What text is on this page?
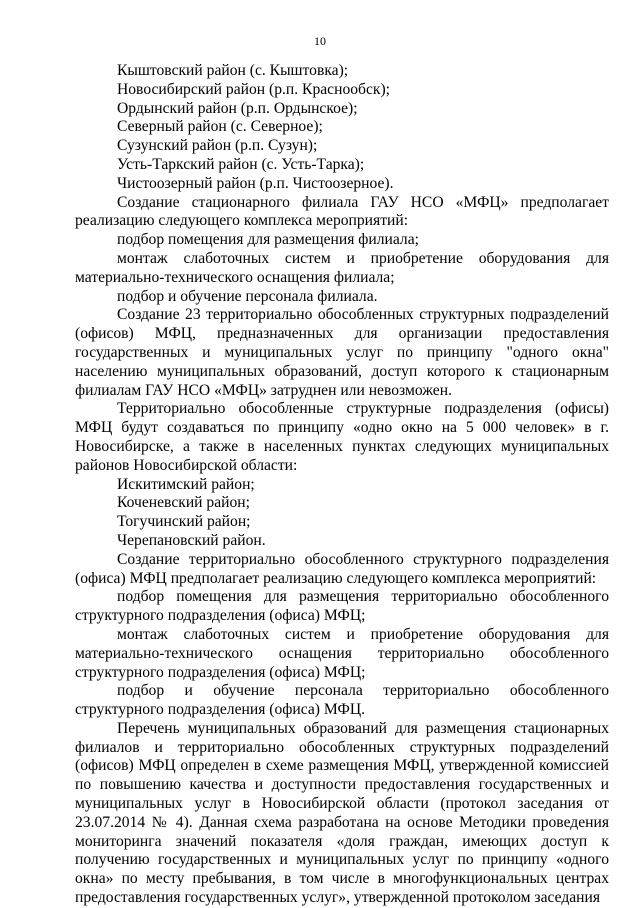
10

Кыштовский район (с. Кыштовка);

Новосибирский район (р.п. Краснообск);

Ордынский район (р.п. Ордынское);

Северный район (с. Северное);

Сузунский район (р.п. Сузун);

Усть-Таркский район (с. Усть-Тарка);

Чистоозерный район (р.п. Чистоозерное).

Создание стационарного филиала ГАУ НСО «МФЦ» предполагает реализацию следующего комплекса мероприятий:

подбор помещения для размещения филиала;

монтаж слаботочных систем и приобретение оборудования для материально-технического оснащения филиала;

подбор и обучение персонала филиала.

Создание 23 территориально обособленных структурных подразделений (офисов) МФЦ, предназначенных для организации предоставления государственных и муниципальных услуг по принципу "одного окна" населению муниципальных образований, доступ которого к стационарным филиалам ГАУ НСО «МФЦ» затруднен или невозможен.

Территориально обособленные структурные подразделения (офисы) МФЦ будут создаваться по принципу «одно окно на 5 000 человек» в г. Новосибирске, а также в населенных пунктах следующих муниципальных районов Новосибирской области:

Искитимский район;

Коченевский район;

Тогучинский район;

Черепановский район.

Создание территориально обособленного структурного подразделения (офиса) МФЦ предполагает реализацию следующего комплекса мероприятий:

подбор помещения для размещения территориально обособленного структурного подразделения (офиса) МФЦ;

монтаж слаботочных систем и приобретение оборудования для материально-технического оснащения территориально обособленного структурного подразделения (офиса) МФЦ;

подбор и обучение персонала территориально обособленного структурного подразделения (офиса) МФЦ.

Перечень муниципальных образований для размещения стационарных филиалов и территориально обособленных структурных подразделений (офисов) МФЦ определен в схеме размещения МФЦ, утвержденной комиссией по повышению качества и доступности предоставления государственных и муниципальных услуг в Новосибирской области (протокол заседания от 23.07.2014 № 4). Данная схема разработана на основе Методики проведения мониторинга значений показателя «доля граждан, имеющих доступ к получению государственных и муниципальных услуг по принципу «одного окна» по месту пребывания, в том числе в многофункциональных центрах предоставления государственных услуг», утвержденной протоколом заседания
